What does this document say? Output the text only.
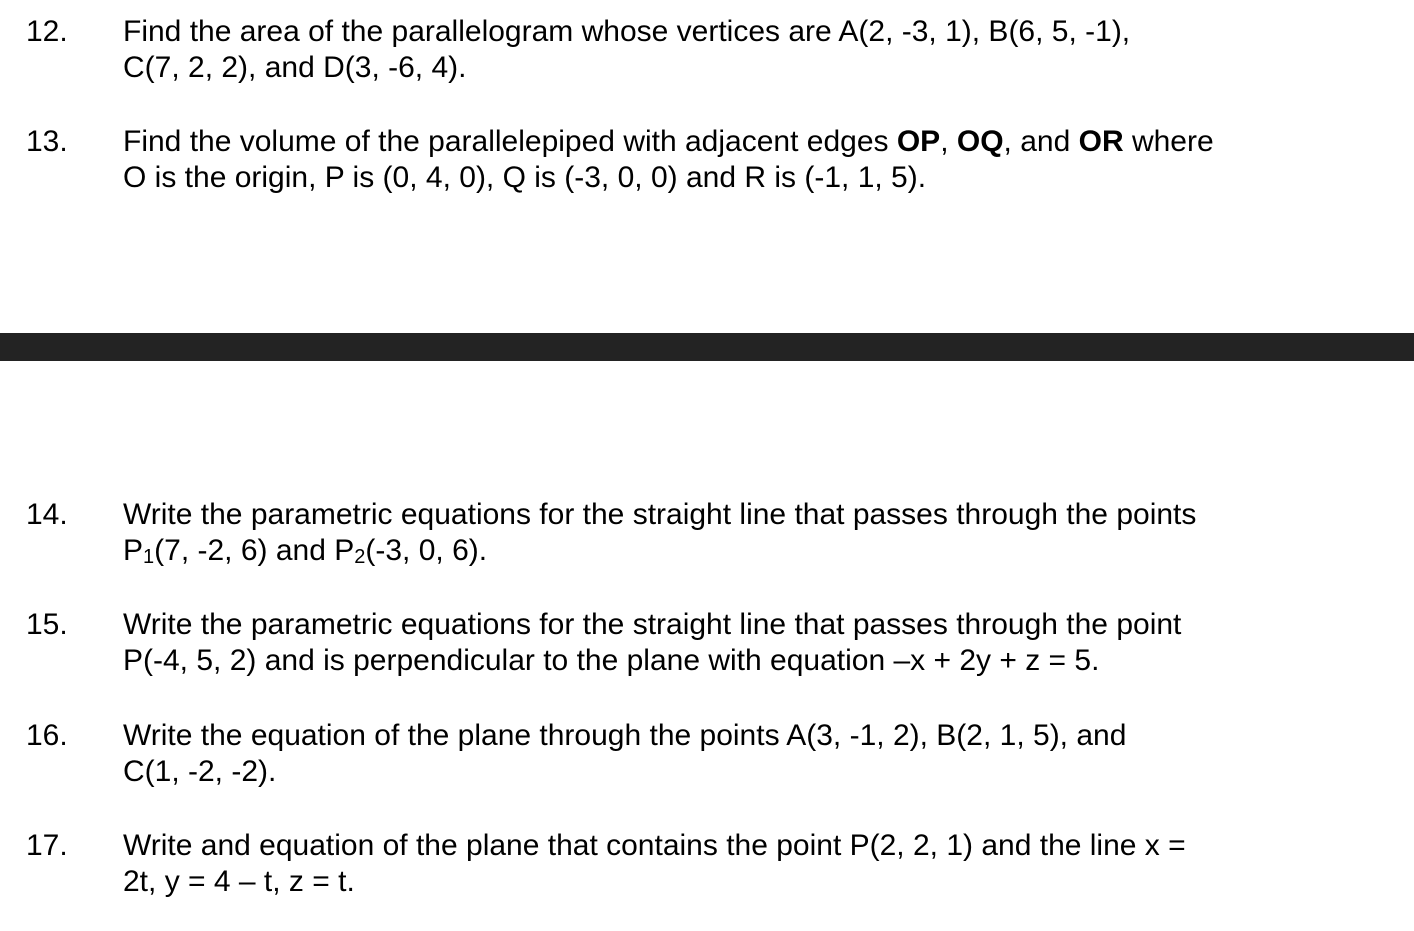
12.	Find the area of the parallelogram whose vertices are A(2, -3, 1), B(6, 5, -1),
C(7, 2, 2), and D(3, -6, 4).
13.	Find the volume of the parallelepiped with adjacent edges OP, OQ, and OR where
O is the origin, P is (0, 4, 0), Q is (-3, 0, 0) and R is (-1, 1, 5).
14.	Write the parametric equations for the straight line that passes through the points
P1(7, -2, 6) and P2(-3, 0, 6).
15.	Write the parametric equations for the straight line that passes through the point
P(-4, 5, 2) and is perpendicular to the plane with equation –x + 2y + z = 5.
16.	Write the equation of the plane through the points A(3, -1, 2), B(2, 1, 5), and
C(1, -2, -2).
17.	Write and equation of the plane that contains the point P(2, 2, 1) and the line x =
2t, y = 4 – t, z = t.
